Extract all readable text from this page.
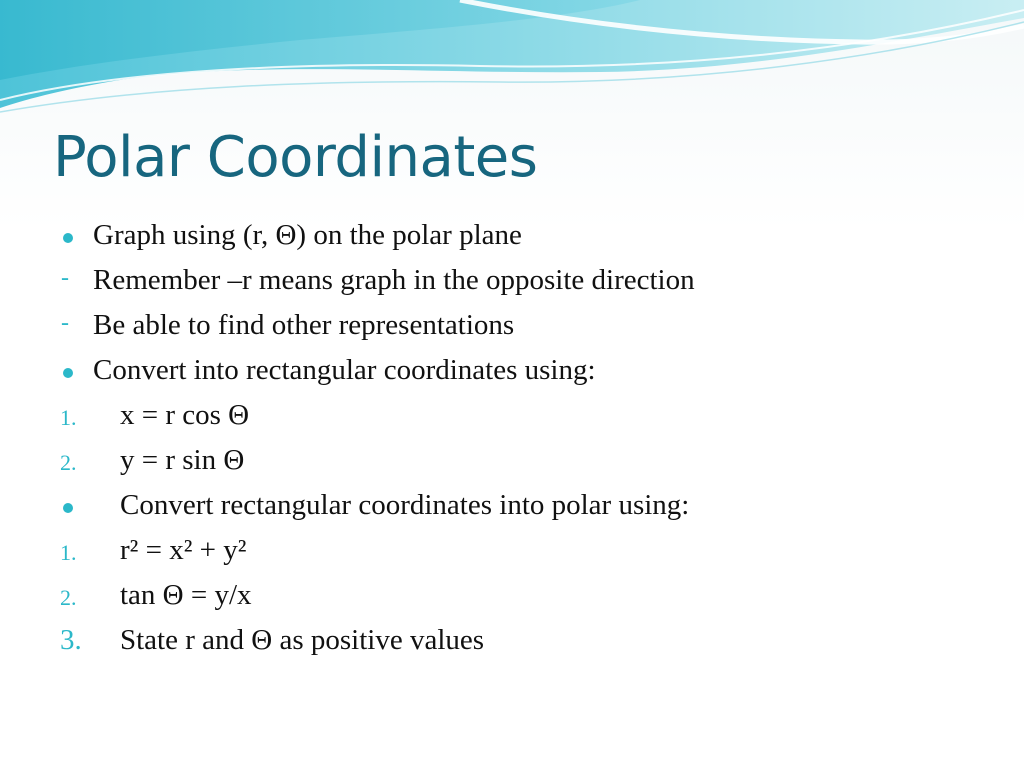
Polar Coordinates
Graph using (r, Θ) on the polar plane
- Remember –r means graph in the opposite direction
- Be able to find other representations
Convert into rectangular coordinates using:
1. x = r cos Θ
2. y = r sin Θ
Convert rectangular coordinates into polar using:
1. r² = x² + y²
2. tan Θ = y/x
3. State r and Θ as positive values
